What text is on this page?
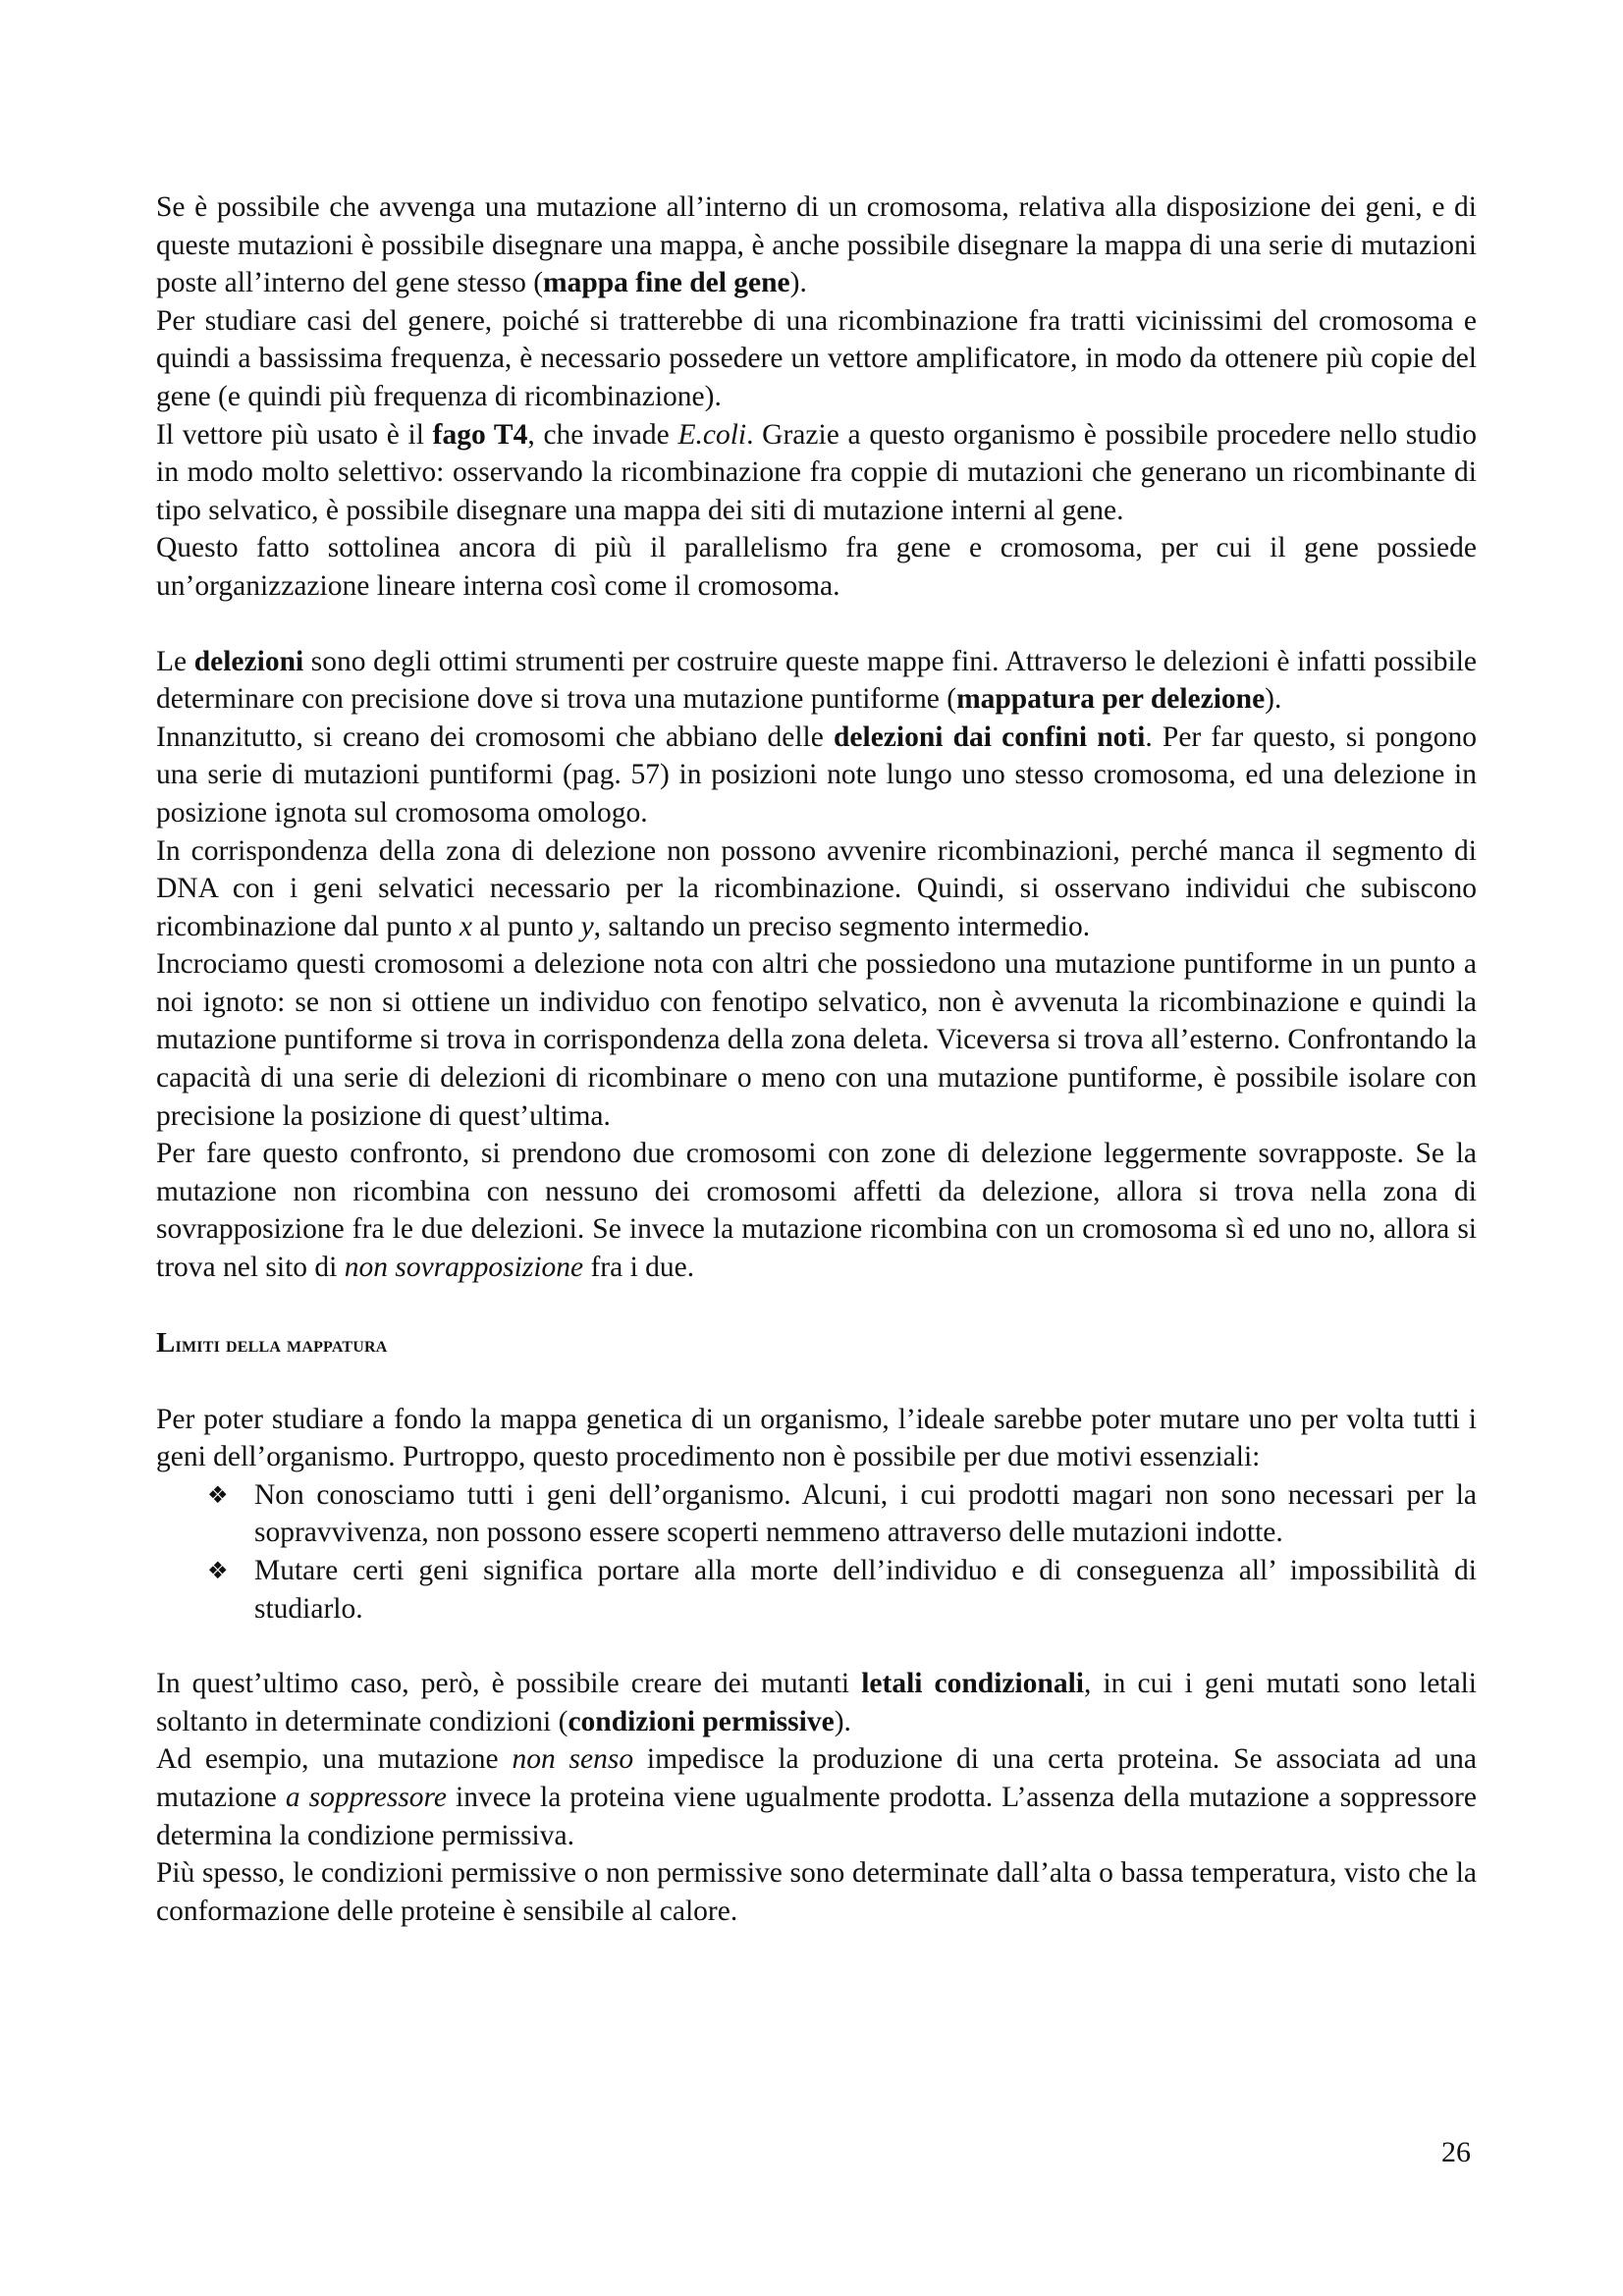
Se è possibile che avvenga una mutazione all’interno di un cromosoma, relativa alla disposizione dei geni, e di queste mutazioni è possibile disegnare una mappa, è anche possibile disegnare la mappa di una serie di mutazioni poste all’interno del gene stesso (mappa fine del gene).

Per studiare casi del genere, poiché si tratterebbe di una ricombinazione fra tratti vicinissimi del cromosoma e quindi a bassissima frequenza, è necessario possedere un vettore amplificatore, in modo da ottenere più copie del gene (e quindi più frequenza di ricombinazione).

Il vettore più usato è il fago T4, che invade E.coli. Grazie a questo organismo è possibile procedere nello studio in modo molto selettivo: osservando la ricombinazione fra coppie di mutazioni che generano un ricombinante di tipo selvatico, è possibile disegnare una mappa dei siti di mutazione interni al gene.

Questo fatto sottolinea ancora di più il parallelismo fra gene e cromosoma, per cui il gene possiede un’organizzazione lineare interna così come il cromosoma.

Le delezioni sono degli ottimi strumenti per costruire queste mappe fini. Attraverso le delezioni è infatti possibile determinare con precisione dove si trova una mutazione puntiforme (mappatura per delezione).

Innanzitutto, si creano dei cromosomi che abbiano delle delezioni dai confini noti. Per far questo, si pongono una serie di mutazioni puntiformi (pag. 57) in posizioni note lungo uno stesso cromosoma, ed una delezione in posizione ignota sul cromosoma omologo.

In corrispondenza della zona di delezione non possono avvenire ricombinazioni, perché manca il segmento di DNA con i geni selvatici necessario per la ricombinazione. Quindi, si osservano individui che subiscono ricombinazione dal punto x al punto y, saltando un preciso segmento intermedio.

Incrociamo questi cromosomi a delezione nota con altri che possiedono una mutazione puntiforme in un punto a noi ignoto: se non si ottiene un individuo con fenotipo selvatico, non è avvenuta la ricombinazione e quindi la mutazione puntiforme si trova in corrispondenza della zona deleta. Viceversa si trova all’esterno. Confrontando la capacità di una serie di delezioni di ricombinare o meno con una mutazione puntiforme, è possibile isolare con precisione la posizione di quest’ultima.

Per fare questo confronto, si prendono due cromosomi con zone di delezione leggermente sovrapposte. Se la mutazione non ricombina con nessuno dei cromosomi affetti da delezione, allora si trova nella zona di sovrapposizione fra le due delezioni. Se invece la mutazione ricombina con un cromosoma sì ed uno no, allora si trova nel sito di non sovrapposizione fra i due.

Limiti della mappatura

Per poter studiare a fondo la mappa genetica di un organismo, l’ideale sarebbe poter mutare uno per volta tutti i geni dell’organismo. Purtroppo, questo procedimento non è possibile per due motivi essenziali:

❖ Non conosciamo tutti i geni dell’organismo. Alcuni, i cui prodotti magari non sono necessari per la sopravvivenza, non possono essere scoperti nemmeno attraverso delle mutazioni indotte.
❖ Mutare certi geni significa portare alla morte dell’individuo e di conseguenza all’ impossibilità di studiarlo.

In quest’ultimo caso, però, è possibile creare dei mutanti letali condizionali, in cui i geni mutati sono letali soltanto in determinate condizioni (condizioni permissive).

Ad esempio, una mutazione non senso impedisce la produzione di una certa proteina. Se associata ad una mutazione a soppressore invece la proteina viene ugualmente prodotta. L’assenza della mutazione a soppressore determina la condizione permissiva.

Più spesso, le condizioni permissive o non permissive sono determinate dall’alta o bassa temperatura, visto che la conformazione delle proteine è sensibile al calore.

26
